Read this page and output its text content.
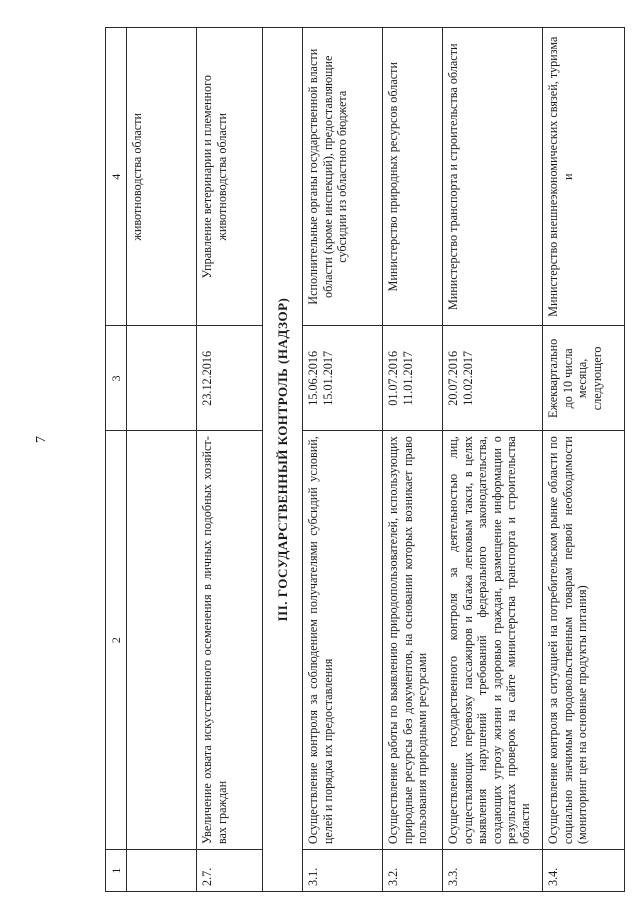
7
1	2	3	4
			животноводства области
2.7.	Увеличение охвата искусственного осеменения в личных подобных хозяйст-вах граждан	23.12.2016	Управление ветеринарии и племенного животноводства области
III. ГОСУДАРСТВЕННЫЙ КОНТРОЛЬ (НАДЗОР)			
3.1.	Осуществление контроля за соблюдением получателями субсидий условий, целей и порядка их предоставления	15.06.2016 15.01.2017	Исполнительные органы государственной власти области (кроме инспекций), предоставляющие субсидии из областного бюджета
3.2.	Осуществление работы по выявлению природопользователей, использующих природные ресурсы без документов, на основании которых возникает право пользования природными ресурсами	01.07.2016 11.01.2017	Министерство природных ресурсов области
3.3.	Осуществление государственного контроля за деятельностью лиц, осуществляющих перевозку пассажиров и багажа легковым такси, в целях выявления нарушений требований федерального законодательства, создающих угрозу жизни и здоровью граждан, размещение информации о результатах проверок на сайте министерства транспорта и строительства области	20.07.2016 10.02.2017	Министерство транспорта и строительства области
3.4.	Осуществление контроля за ситуацией на потребительском рынке области по социально значимым продовольственным товарам первой необходимости (мониторинг цен на основные продукты питания)	Ежеквартально до 10 числа месяца, следующего	Министерство внешнеэкономических связей, туризма и
